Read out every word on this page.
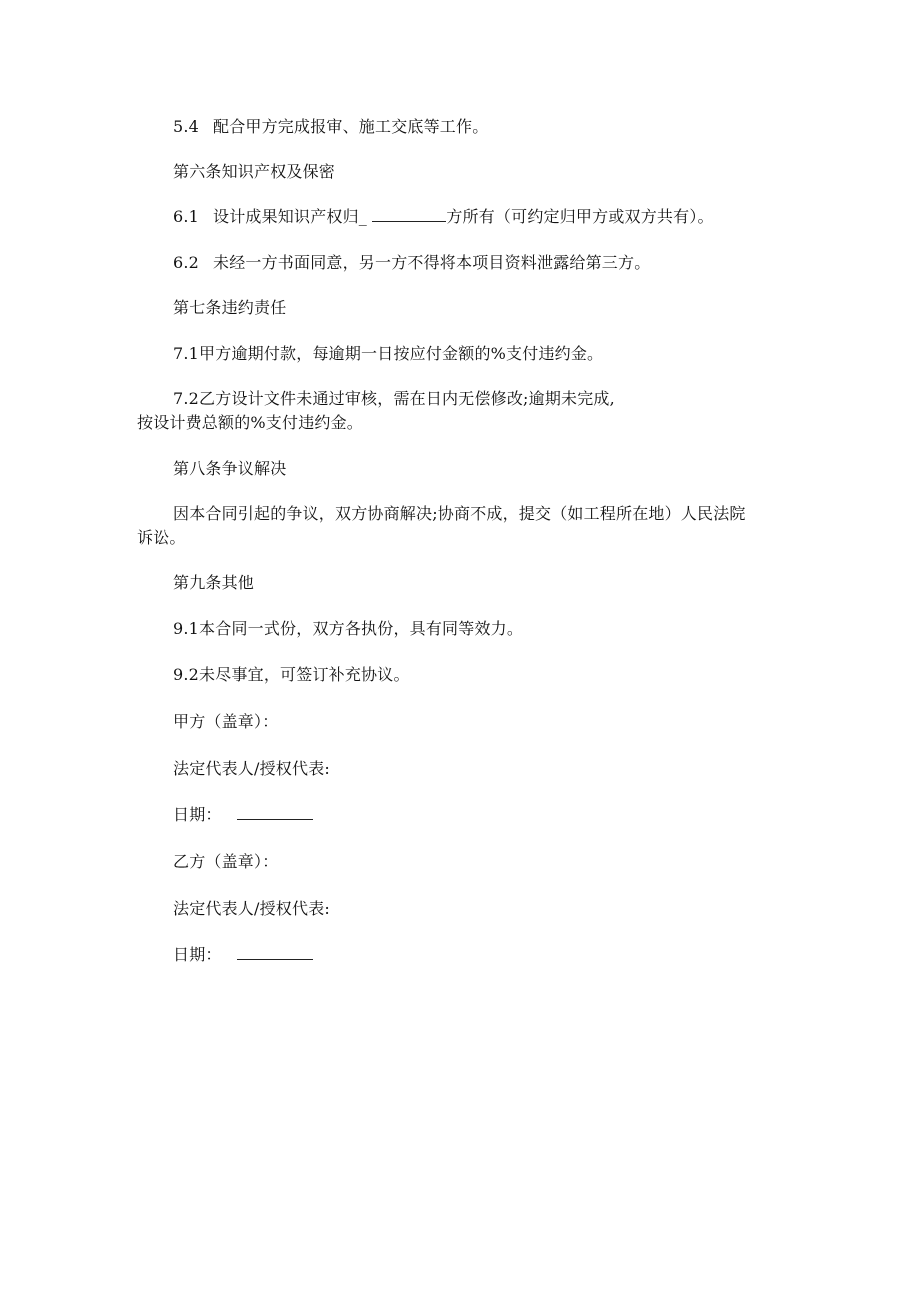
5.4 配合甲方完成报审、施工交底等工作。
第六条知识产权及保密
6.1 设计成果知识产权归_	方所有（可约定归甲方或双方共有）。
6.2 未经一方书面同意，另一方不得将本项目资料泄露给第三方。
第七条违约责任
7.1甲方逾期付款，每逾期一日按应付金额的%支付违约金。
7.2乙方设计文件未通过审核，需在日内无偿修改;逾期未完成,
按设计费总额的%支付违约金。
第八条争议解决
因本合同引起的争议，双方协商解决;协商不成，提交（如工程所在地）人民法院
诉讼。
第九条其他
9.1本合同一式份，双方各执份，具有同等效力。
9.2未尽事宜，可签订补充协议。
甲方（盖章）：
法定代表人/授权代表:
日期：
乙方（盖章）：
法定代表人/授权代表:
日期：
